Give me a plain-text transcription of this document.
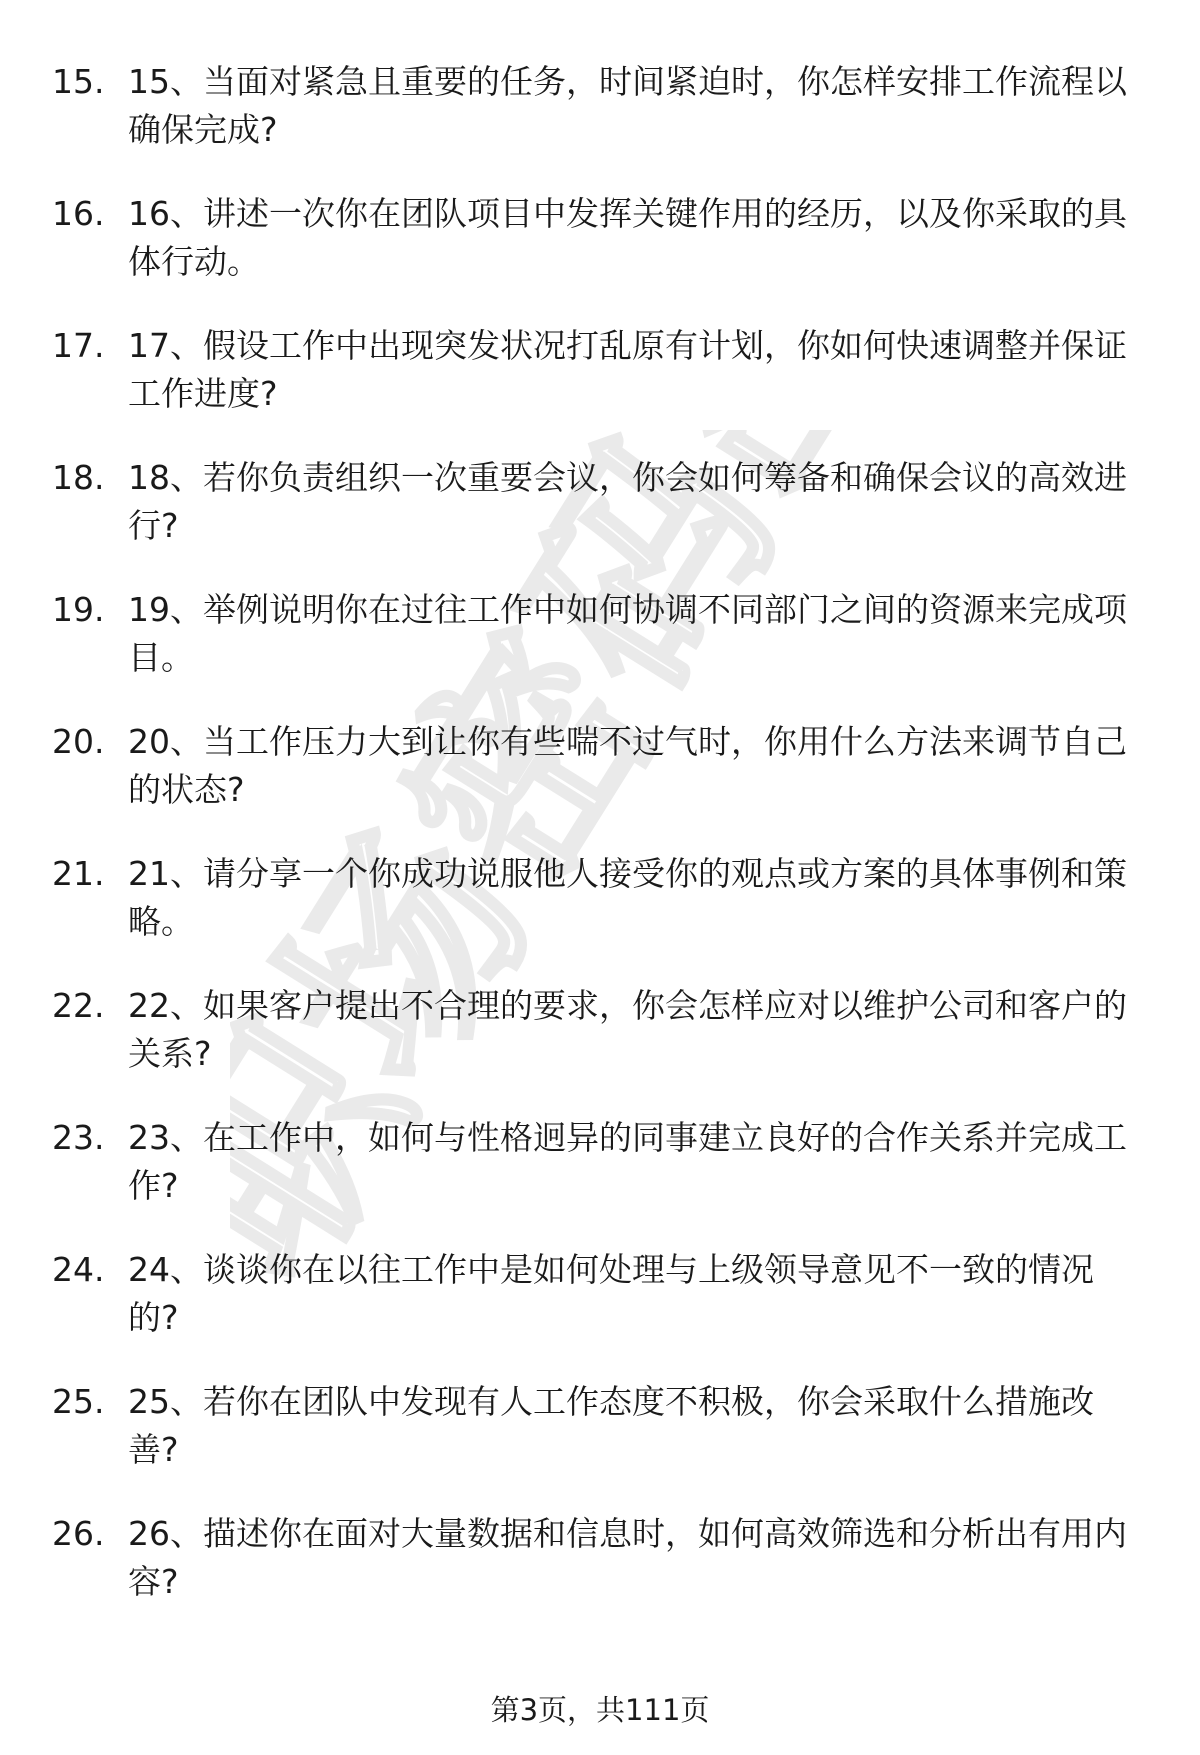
职场密码出品
15. 15、当面对紧急且重要的任务，时间紧迫时，你怎样安排工作流程以确保完成?
16. 16、讲述一次你在团队项目中发挥关键作用的经历，以及你采取的具体行动。
17. 17、假设工作中出现突发状况打乱原有计划，你如何快速调整并保证工作进度?
18. 18、若你负责组织一次重要会议，你会如何筹备和确保会议的高效进行?
19. 19、举例说明你在过往工作中如何协调不同部门之间的资源来完成项目。
20. 20、当工作压力大到让你有些喘不过气时，你用什么方法来调节自己的状态?
21. 21、请分享一个你成功说服他人接受你的观点或方案的具体事例和策略。
22. 22、如果客户提出不合理的要求，你会怎样应对以维护公司和客户的关系?
23. 23、在工作中，如何与性格迥异的同事建立良好的合作关系并完成工作?
24. 24、谈谈你在以往工作中是如何处理与上级领导意见不一致的情况的?
25. 25、若你在团队中发现有人工作态度不积极，你会采取什么措施改善?
26. 26、描述你在面对大量数据和信息时，如何高效筛选和分析出有用内容?
第3页，共111页
